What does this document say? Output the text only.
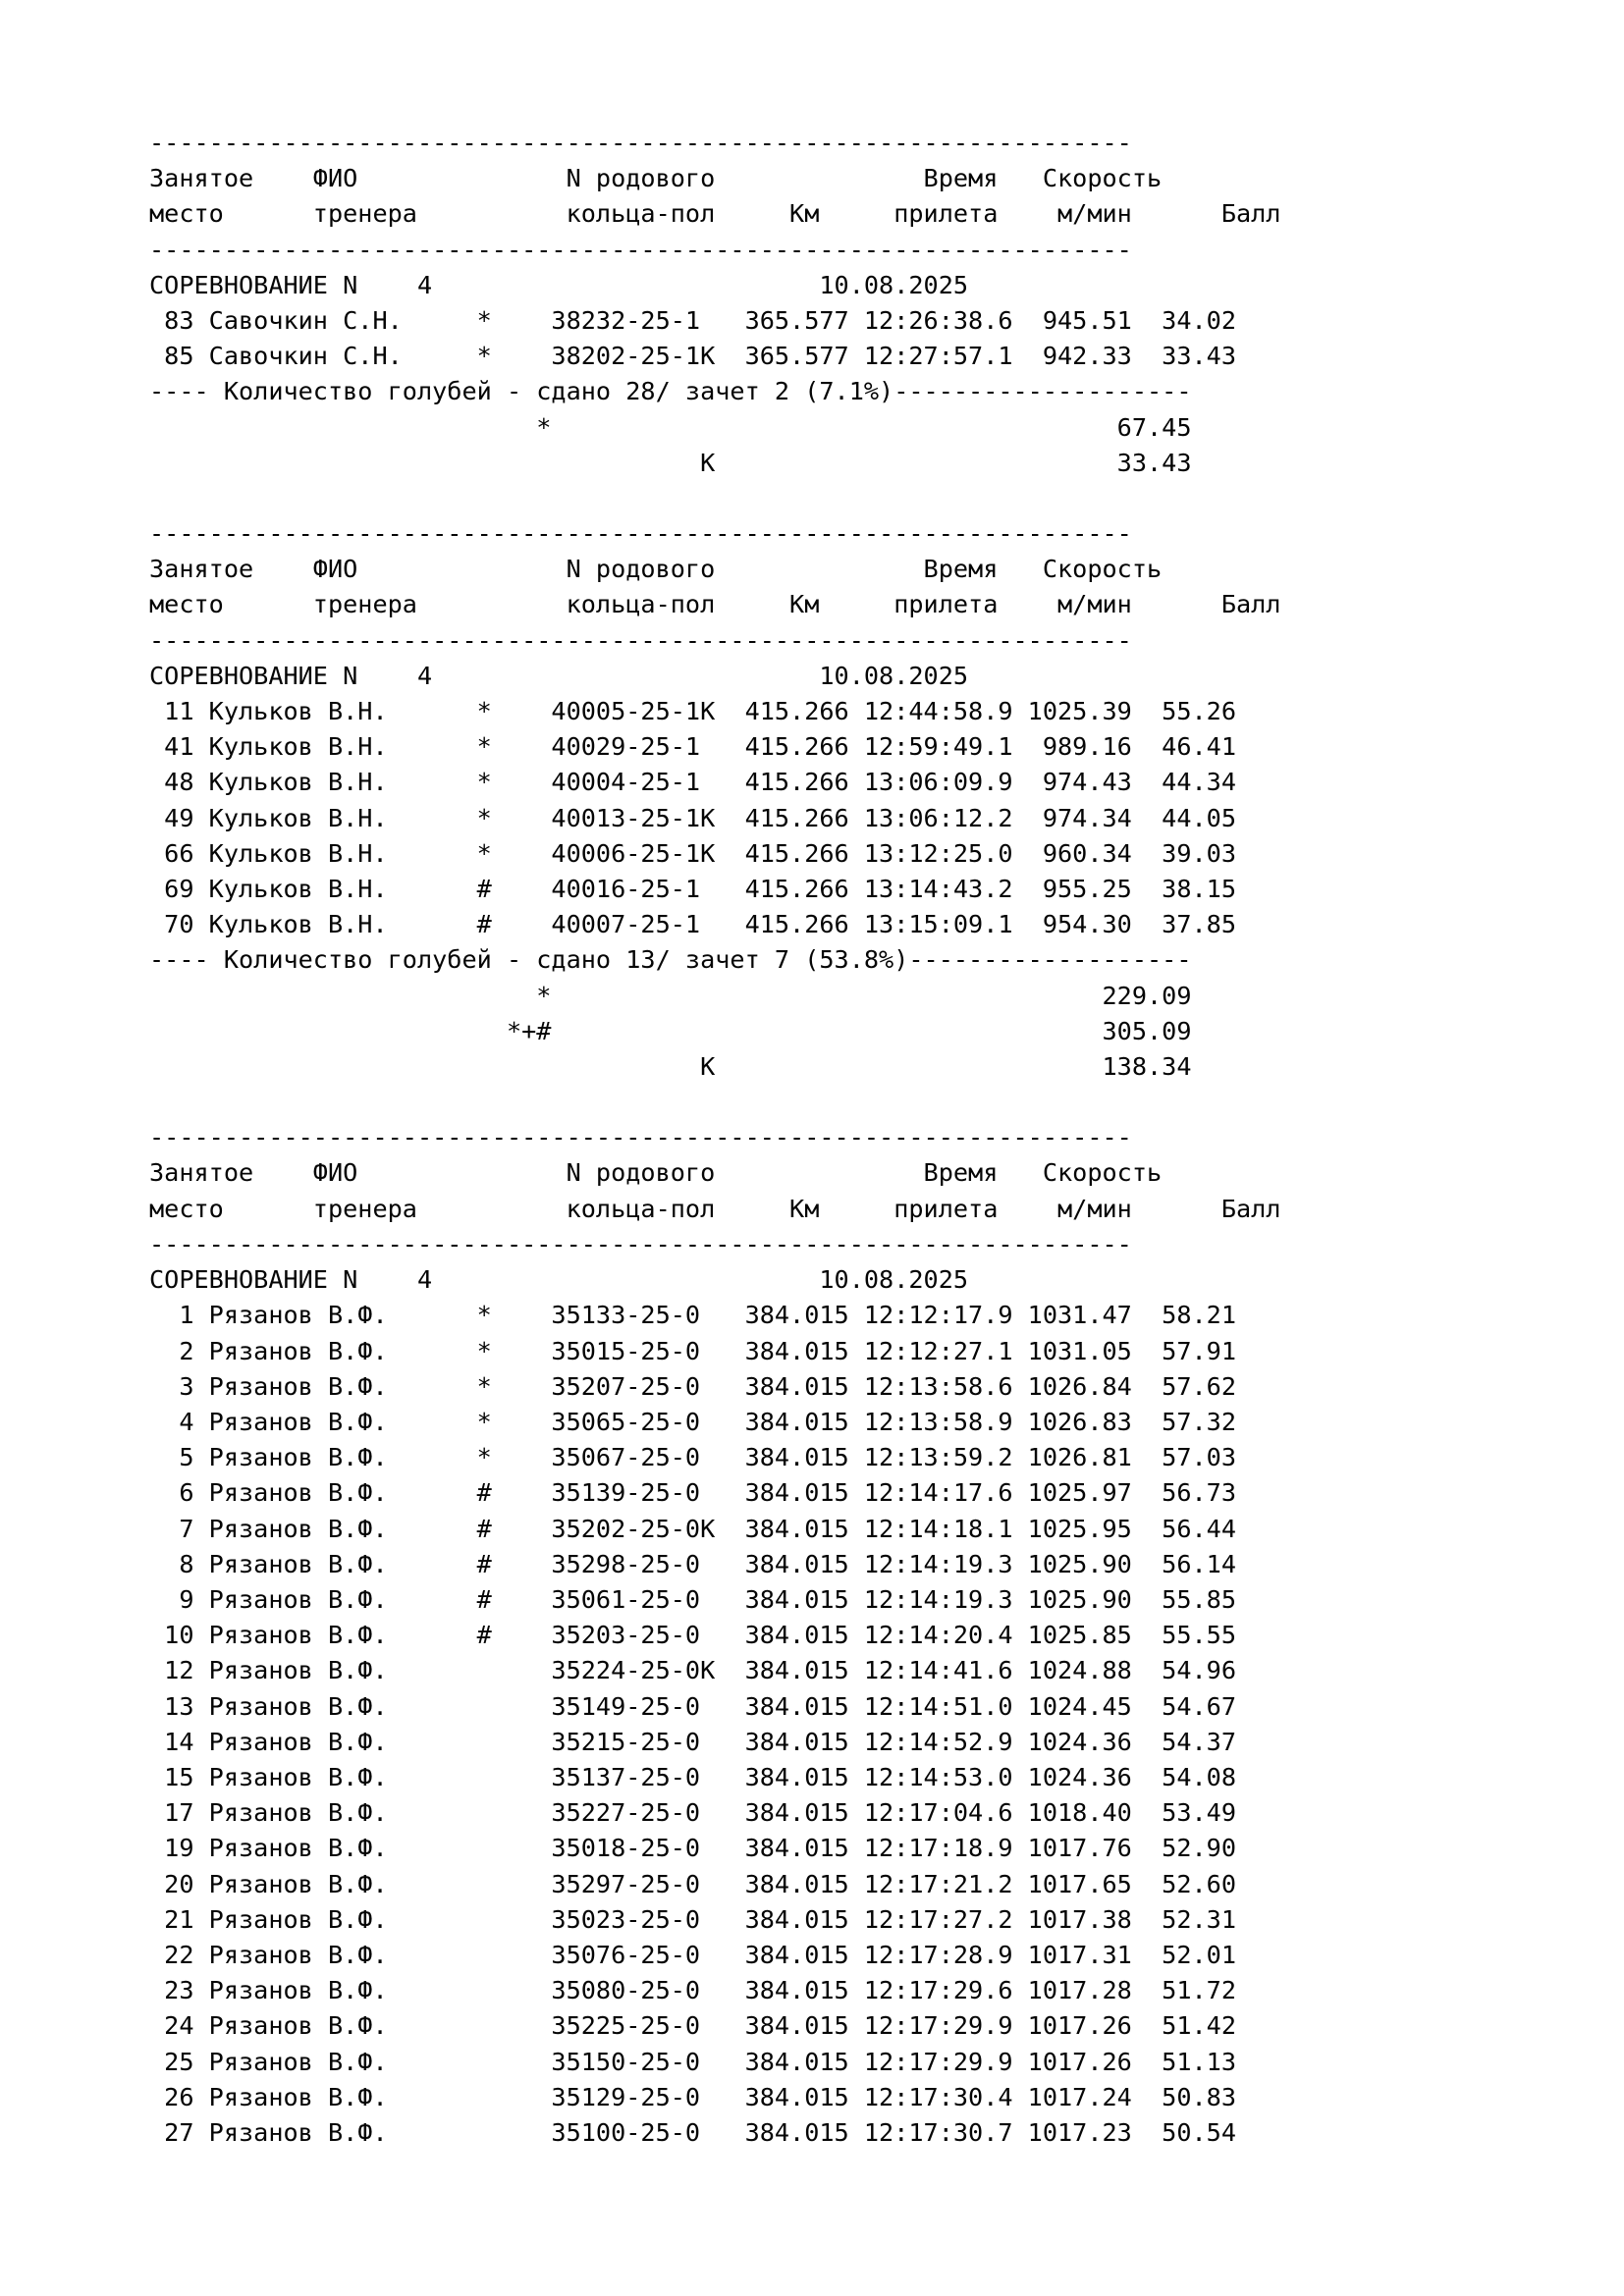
------------------------------------------------------------------
Занятое    ФИО              N родового              Время   Скорость
место      тренера          кольца-пол     Км     прилета    м/мин      Балл
------------------------------------------------------------------
СОРЕВНОВАНИЕ N    4                          10.08.2025
83 Савочкин С.Н.     *    38232-25-1   365.577 12:26:38.6  945.51  34.02
85 Савочкин С.Н.     *    38202-25-1К  365.577 12:27:57.1  942.33  33.43
---- Количество голубей - сдано 28/ зачет 2 (7.1%)--------------------
*                                      67.45
К                           33.43
------------------------------------------------------------------
Занятое    ФИО              N родового              Время   Скорость
место      тренера          кольца-пол     Км     прилета    м/мин      Балл
------------------------------------------------------------------
СОРЕВНОВАНИЕ N    4                          10.08.2025
11 Кульков В.Н.      *    40005-25-1К  415.266 12:44:58.9 1025.39  55.26
41 Кульков В.Н.      *    40029-25-1   415.266 12:59:49.1  989.16  46.41
48 Кульков В.Н.      *    40004-25-1   415.266 13:06:09.9  974.43  44.34
49 Кульков В.Н.      *    40013-25-1К  415.266 13:06:12.2  974.34  44.05
66 Кульков В.Н.      *    40006-25-1К  415.266 13:12:25.0  960.34  39.03
69 Кульков В.Н.      #    40016-25-1   415.266 13:14:43.2  955.25  38.15
70 Кульков В.Н.      #    40007-25-1   415.266 13:15:09.1  954.30  37.85
---- Количество голубей - сдано 13/ зачет 7 (53.8%)-------------------
*                                     229.09
*+#                                     305.09
К                          138.34
------------------------------------------------------------------
Занятое    ФИО              N родового              Время   Скорость
место      тренера          кольца-пол     Км     прилета    м/мин      Балл
------------------------------------------------------------------
СОРЕВНОВАНИЕ N    4                          10.08.2025
1 Рязанов В.Ф.      *    35133-25-0   384.015 12:12:17.9 1031.47  58.21
2 Рязанов В.Ф.      *    35015-25-0   384.015 12:12:27.1 1031.05  57.91
3 Рязанов В.Ф.      *    35207-25-0   384.015 12:13:58.6 1026.84  57.62
4 Рязанов В.Ф.      *    35065-25-0   384.015 12:13:58.9 1026.83  57.32
5 Рязанов В.Ф.      *    35067-25-0   384.015 12:13:59.2 1026.81  57.03
6 Рязанов В.Ф.      #    35139-25-0   384.015 12:14:17.6 1025.97  56.73
7 Рязанов В.Ф.      #    35202-25-0К  384.015 12:14:18.1 1025.95  56.44
8 Рязанов В.Ф.      #    35298-25-0   384.015 12:14:19.3 1025.90  56.14
9 Рязанов В.Ф.      #    35061-25-0   384.015 12:14:19.3 1025.90  55.85
10 Рязанов В.Ф.      #    35203-25-0   384.015 12:14:20.4 1025.85  55.55
12 Рязанов В.Ф.           35224-25-0К  384.015 12:14:41.6 1024.88  54.96
13 Рязанов В.Ф.           35149-25-0   384.015 12:14:51.0 1024.45  54.67
14 Рязанов В.Ф.           35215-25-0   384.015 12:14:52.9 1024.36  54.37
15 Рязанов В.Ф.           35137-25-0   384.015 12:14:53.0 1024.36  54.08
17 Рязанов В.Ф.           35227-25-0   384.015 12:17:04.6 1018.40  53.49
19 Рязанов В.Ф.           35018-25-0   384.015 12:17:18.9 1017.76  52.90
20 Рязанов В.Ф.           35297-25-0   384.015 12:17:21.2 1017.65  52.60
21 Рязанов В.Ф.           35023-25-0   384.015 12:17:27.2 1017.38  52.31
22 Рязанов В.Ф.           35076-25-0   384.015 12:17:28.9 1017.31  52.01
23 Рязанов В.Ф.           35080-25-0   384.015 12:17:29.6 1017.28  51.72
24 Рязанов В.Ф.           35225-25-0   384.015 12:17:29.9 1017.26  51.42
25 Рязанов В.Ф.           35150-25-0   384.015 12:17:29.9 1017.26  51.13
26 Рязанов В.Ф.           35129-25-0   384.015 12:17:30.4 1017.24  50.83
27 Рязанов В.Ф.           35100-25-0   384.015 12:17:30.7 1017.23  50.54
